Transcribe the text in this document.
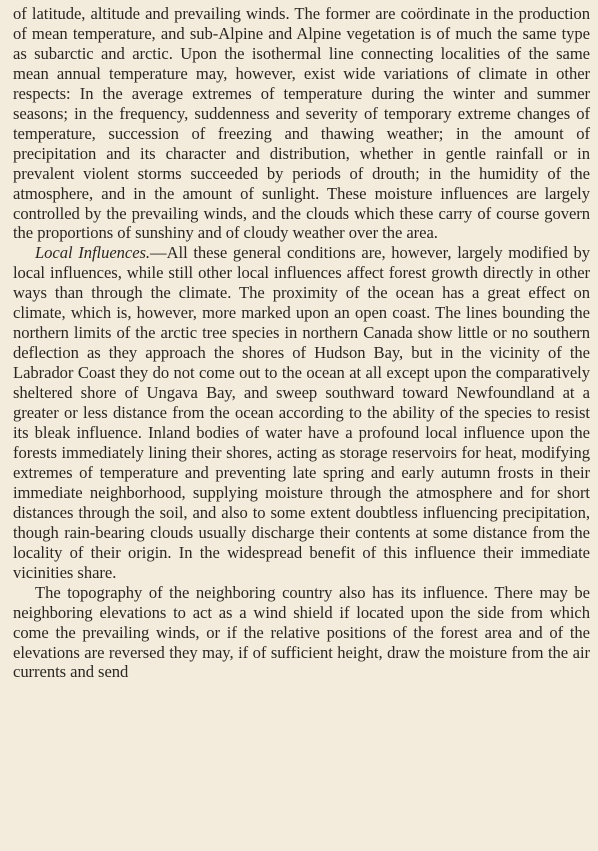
of latitude, altitude and prevailing winds. The former are coördinate in the production of mean temperature, and sub-Alpine and Alpine vegetation is of much the same type as subarctic and arctic. Upon the isothermal line connecting localities of the same mean annual temperature may, however, exist wide variations of climate in other respects: In the average extremes of temperature during the winter and summer seasons; in the frequency, suddenness and severity of temporary extreme changes of temperature, succession of freezing and thawing weather; in the amount of precipitation and its character and distribution, whether in gentle rainfall or in prevalent violent storms succeeded by periods of drouth; in the humidity of the atmosphere, and in the amount of sunlight. These moisture influences are largely controlled by the prevailing winds, and the clouds which these carry of course govern the proportions of sunshiny and of cloudy weather over the area.

Local Influences.—All these general conditions are, however, largely modified by local influences, while still other local influences affect forest growth directly in other ways than through the climate. The proximity of the ocean has a great effect on climate, which is, however, more marked upon an open coast. The lines bounding the northern limits of the arctic tree species in northern Canada show little or no southern deflection as they approach the shores of Hudson Bay, but in the vicinity of the Labrador Coast they do not come out to the ocean at all except upon the comparatively sheltered shore of Ungava Bay, and sweep southward toward Newfoundland at a greater or less distance from the ocean according to the ability of the species to resist its bleak influence. Inland bodies of water have a profound local influence upon the forests immediately lining their shores, acting as storage reservoirs for heat, modifying extremes of temperature and preventing late spring and early autumn frosts in their immediate neighborhood, supplying moisture through the atmosphere and for short distances through the soil, and also to some extent doubtless influencing precipitation, though rain-bearing clouds usually discharge their contents at some distance from the locality of their origin. In the widespread benefit of this influence their immediate vicinities share.

The topography of the neighboring country also has its influence. There may be neighboring elevations to act as a wind shield if located upon the side from which come the prevailing winds, or if the relative positions of the forest area and of the elevations are reversed they may, if of sufficient height, draw the moisture from the air currents and send
